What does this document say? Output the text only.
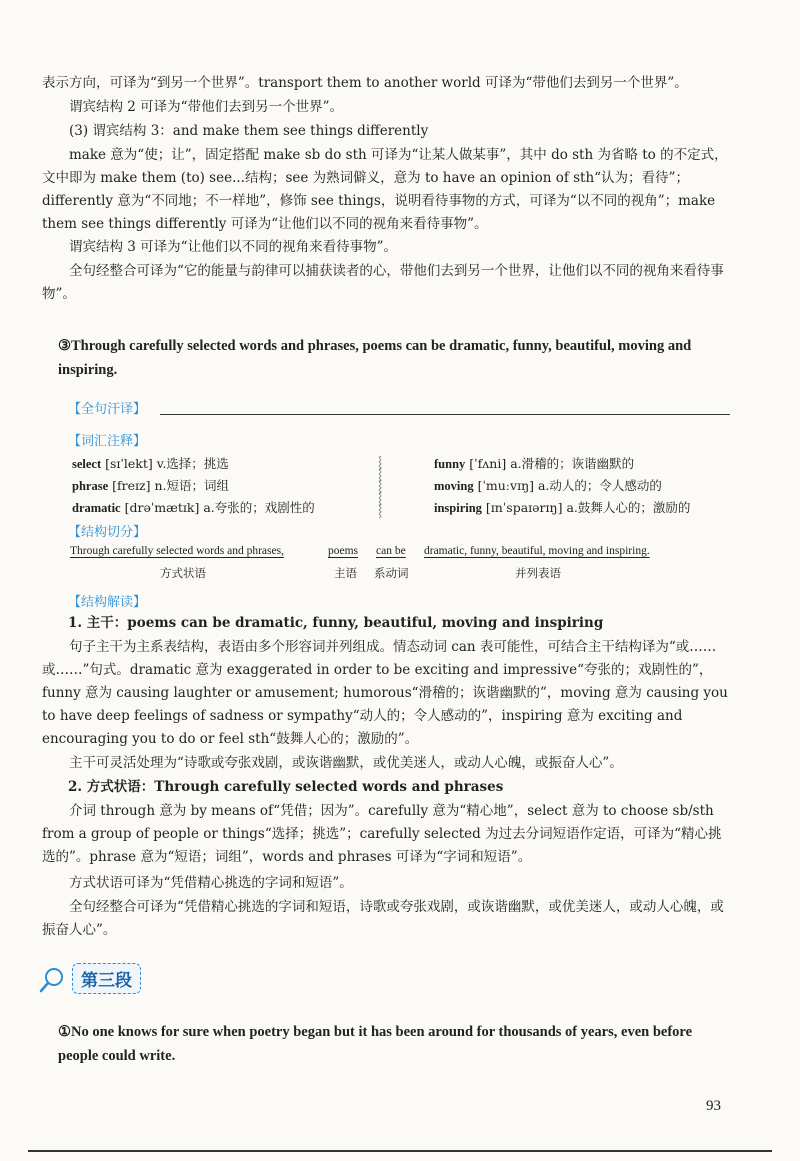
表示方向，可译为“到另一个世界”。transport them to another world 可译为“带他们去到另一个世界”。
谓宾结构 2 可译为“带他们去到另一个世界”。
(3) 谓宾结构 3：and make them see things differently
make 意为“使；让”，固定搭配 make sb do sth 可译为“让某人做某事”，其中 do sth 为省略 to 的不定式，文中即为 make them (to) see...结构；see 为熟词僻义，意为 to have an opinion of sth“认为；看待”；differently 意为“不同地；不一样地”，修饰 see things，说明看待事物的方式，可译为“以不同的视角”；make them see things differently 可译为“让他们以不同的视角来看待事物”。
谓宾结构 3 可译为“让他们以不同的视角来看待事物”。
全句经整合可译为“它的能量与韵律可以捕获读者的心，带他们去到另一个世界，让他们以不同的视角来看待事物”。
③Through carefully selected words and phrases, poems can be dramatic, funny, beautiful, moving and inspiring.
【全句汗译】
【词汇注释】
select [sɪˈlekt] v.选择；挑选
phrase [freɪz] n.短语；词组
dramatic [drəˈmætɪk] a.夸张的；戏剧性的
⸾
⸾
⸾
⸾
⸾
funny [ˈfʌni] a.滑稽的；诙谐幽默的
moving [ˈmuːvɪŋ] a.动人的；令人感动的
inspiring [ɪnˈspaɪərɪŋ] a.鼓舞人心的；激励的
【结构切分】
Through carefully selected words and phrases,
方式状语
poems
主语
can be
系动词
dramatic, funny, beautiful, moving and inspiring.
并列表语
【结构解读】
1. 主干：poems can be dramatic, funny, beautiful, moving and inspiring
句子主干为主系表结构，表语由多个形容词并列组成。情态动词 can 表可能性，可结合主干结构译为“或……或……”句式。dramatic 意为 exaggerated in order to be exciting and impressive“夸张的；戏剧性的”，funny 意为 causing laughter or amusement; humorous“滑稽的；诙谐幽默的”，moving 意为 causing you to have deep feelings of sadness or sympathy“动人的；令人感动的”，inspiring 意为 exciting and encouraging you to do or feel sth“鼓舞人心的；激励的”。
主干可灵活处理为“诗歌或夸张戏剧，或诙谐幽默，或优美迷人，或动人心魄，或振奋人心”。
2. 方式状语：Through carefully selected words and phrases
介词 through 意为 by means of“凭借；因为”。carefully 意为“精心地”，select 意为 to choose sb/sth from a group of people or things“选择；挑选”；carefully selected 为过去分词短语作定语，可译为“精心挑选的”。phrase 意为“短语；词组”，words and phrases 可译为“字词和短语”。
方式状语可译为“凭借精心挑选的字词和短语”。
全句经整合可译为“凭借精心挑选的字词和短语，诗歌或夸张戏剧，或诙谐幽默，或优美迷人，或动人心魄，或振奋人心”。
第三段
①No one knows for sure when poetry began but it has been around for thousands of years, even before people could write.
93
